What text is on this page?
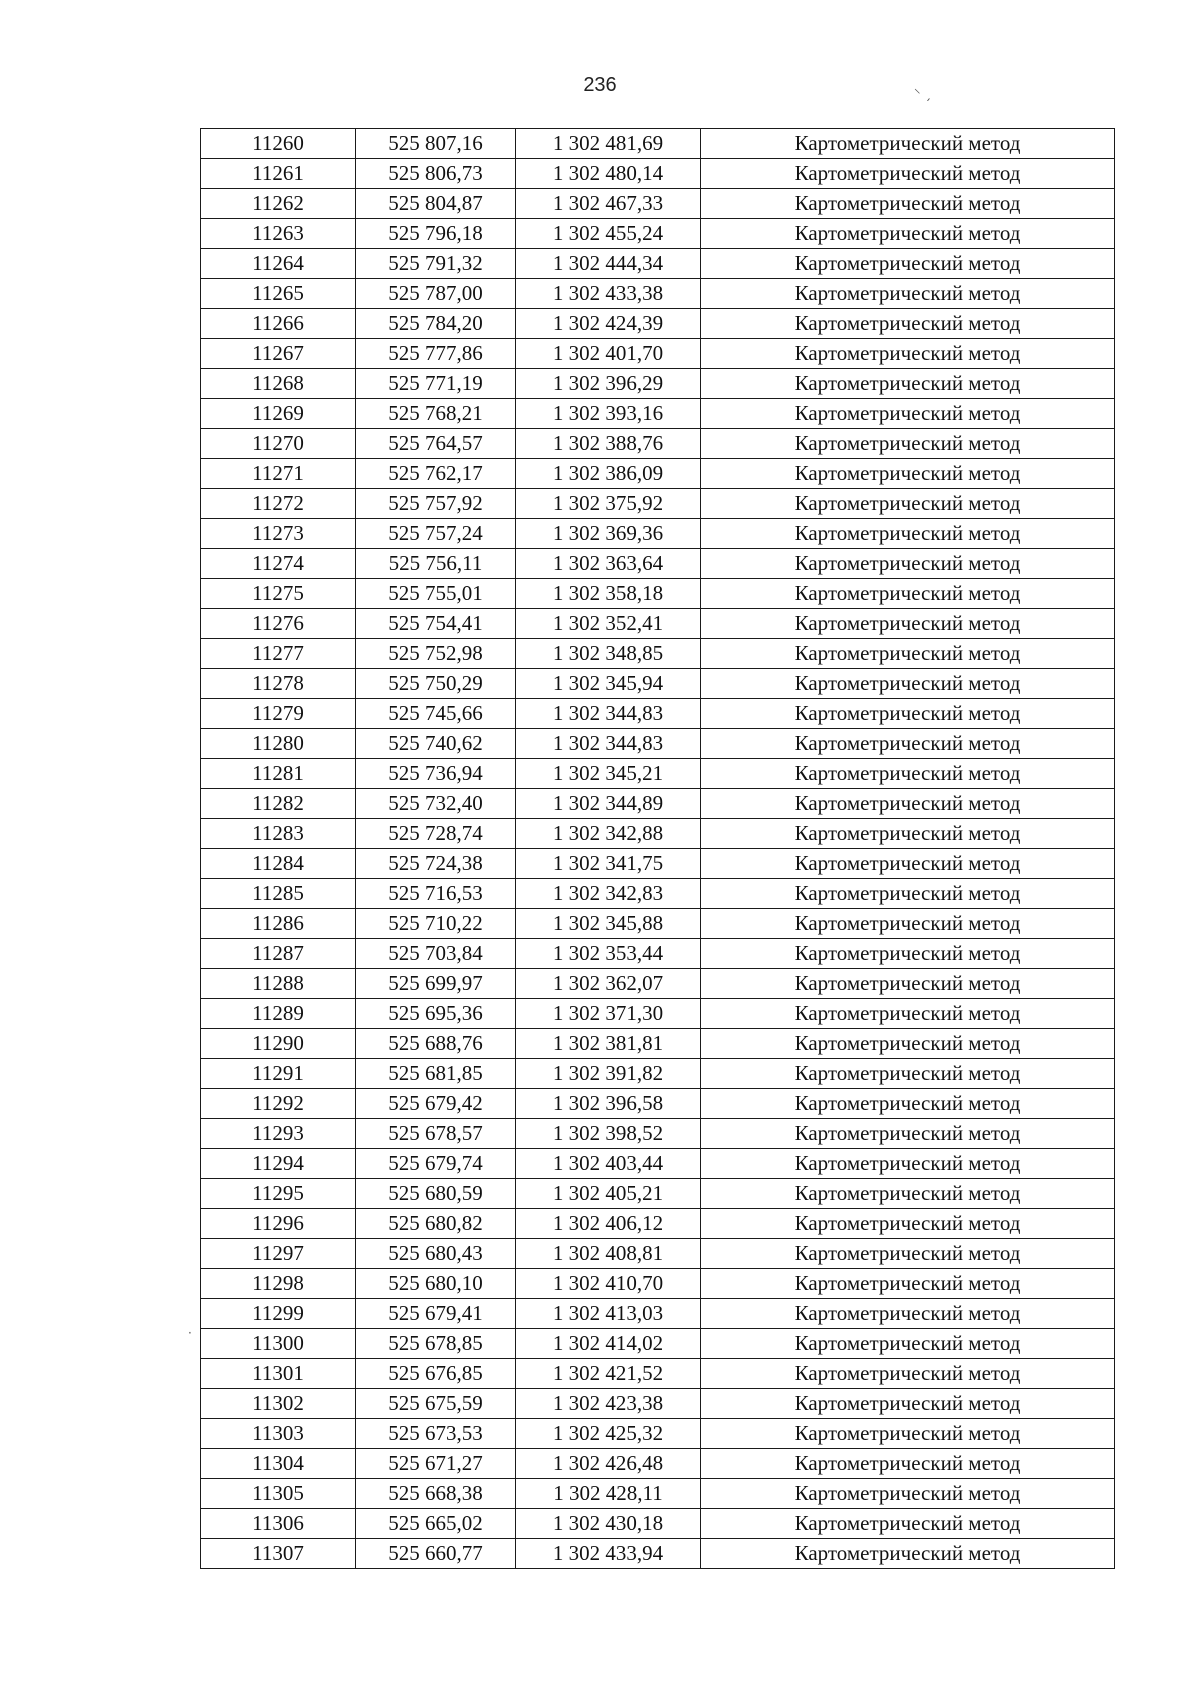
236	⸌ ˏ
·
11260	525 807,16	1 302 481,69	Картометрический метод
11261	525 806,73	1 302 480,14	Картометрический метод
11262	525 804,87	1 302 467,33	Картометрический метод
11263	525 796,18	1 302 455,24	Картометрический метод
11264	525 791,32	1 302 444,34	Картометрический метод
11265	525 787,00	1 302 433,38	Картометрический метод
11266	525 784,20	1 302 424,39	Картометрический метод
11267	525 777,86	1 302 401,70	Картометрический метод
11268	525 771,19	1 302 396,29	Картометрический метод
11269	525 768,21	1 302 393,16	Картометрический метод
11270	525 764,57	1 302 388,76	Картометрический метод
11271	525 762,17	1 302 386,09	Картометрический метод
11272	525 757,92	1 302 375,92	Картометрический метод
11273	525 757,24	1 302 369,36	Картометрический метод
11274	525 756,11	1 302 363,64	Картометрический метод
11275	525 755,01	1 302 358,18	Картометрический метод
11276	525 754,41	1 302 352,41	Картометрический метод
11277	525 752,98	1 302 348,85	Картометрический метод
11278	525 750,29	1 302 345,94	Картометрический метод
11279	525 745,66	1 302 344,83	Картометрический метод
11280	525 740,62	1 302 344,83	Картометрический метод
11281	525 736,94	1 302 345,21	Картометрический метод
11282	525 732,40	1 302 344,89	Картометрический метод
11283	525 728,74	1 302 342,88	Картометрический метод
11284	525 724,38	1 302 341,75	Картометрический метод
11285	525 716,53	1 302 342,83	Картометрический метод
11286	525 710,22	1 302 345,88	Картометрический метод
11287	525 703,84	1 302 353,44	Картометрический метод
11288	525 699,97	1 302 362,07	Картометрический метод
11289	525 695,36	1 302 371,30	Картометрический метод
11290	525 688,76	1 302 381,81	Картометрический метод
11291	525 681,85	1 302 391,82	Картометрический метод
11292	525 679,42	1 302 396,58	Картометрический метод
11293	525 678,57	1 302 398,52	Картометрический метод
11294	525 679,74	1 302 403,44	Картометрический метод
11295	525 680,59	1 302 405,21	Картометрический метод
11296	525 680,82	1 302 406,12	Картометрический метод
11297	525 680,43	1 302 408,81	Картометрический метод
11298	525 680,10	1 302 410,70	Картометрический метод
11299	525 679,41	1 302 413,03	Картометрический метод
11300	525 678,85	1 302 414,02	Картометрический метод
11301	525 676,85	1 302 421,52	Картометрический метод
11302	525 675,59	1 302 423,38	Картометрический метод
11303	525 673,53	1 302 425,32	Картометрический метод
11304	525 671,27	1 302 426,48	Картометрический метод
11305	525 668,38	1 302 428,11	Картометрический метод
11306	525 665,02	1 302 430,18	Картометрический метод
11307	525 660,77	1 302 433,94	Картометрический метод
